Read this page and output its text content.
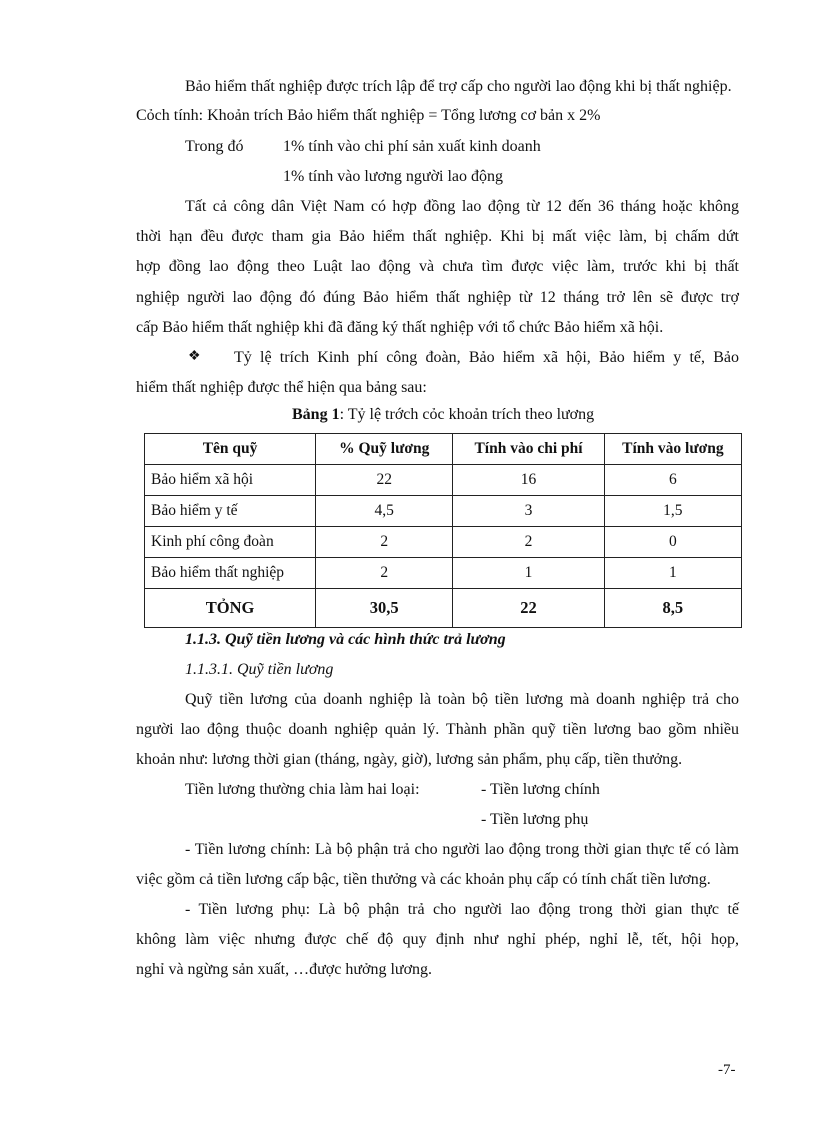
Bảo hiểm thất nghiệp được trích lập để trợ cấp cho người lao động khi bị thất nghiệp.
Cỏch tính: Khoản trích Bảo hiểm thất nghiệp = Tổng lương cơ bản x 2%
Trong đó 1% tính vào chi phí sản xuất kinh doanh
1% tính vào lương người lao động
Tất cả công dân Việt Nam có hợp đồng lao động từ 12 đến 36 tháng hoặc không
thời hạn đều được tham gia Bảo hiểm thất nghiệp. Khi bị mất việc làm, bị chấm dứt
hợp đồng lao động theo Luật lao động và chưa tìm được việc làm, trước khi bị thất
nghiệp người lao động đó đúng Bảo hiểm thất nghiệp từ 12 tháng trở lên sẽ được trợ
cấp Bảo hiểm thất nghiệp khi đã đăng ký thất nghiệp với tổ chức Bảo hiểm xã hội.
❖ Tỷ lệ trích Kinh phí công đoàn, Bảo hiểm xã hội, Bảo hiểm y tế, Bảo
hiểm thất nghiệp được thể hiện qua bảng sau:
Bảng 1: Tỷ lệ trớch cỏc khoản trích theo lương
Tên quỹ	% Quỹ lương	Tính vào chi phí	Tính vào lương
Bảo hiểm xã hội	22	16	6
Bảo hiểm y tế	4,5	3	1,5
Kinh phí công đoàn	2	2	0
Bảo hiểm thất nghiệp	2	1	1
TỎNG	30,5	22	8,5
1.1.3. Quỹ tiền lương và các hình thức trả lương
1.1.3.1. Quỹ tiền lương
Quỹ tiền lương của doanh nghiệp là toàn bộ tiền lương mà doanh nghiệp trả cho
người lao động thuộc doanh nghiệp quản lý. Thành phần quỹ tiền lương bao gồm nhiều
khoản như: lương thời gian (tháng, ngày, giờ), lương sản phẩm, phụ cấp, tiền thưởng.
Tiền lương thường chia làm hai loại:	- Tiền lương chính
- Tiền lương phụ
- Tiền lương chính: Là bộ phận trả cho người lao động trong thời gian thực tế có làm
việc gồm cả tiền lương cấp bậc, tiền thưởng và các khoản phụ cấp có tính chất tiền lương.
- Tiền lương phụ: Là bộ phận trả cho người lao động trong thời gian thực tế
không làm việc nhưng được chế độ quy định như nghỉ phép, nghỉ lễ, tết, hội họp,
nghỉ và ngừng sản xuất, …được hưởng lương.
-7-
